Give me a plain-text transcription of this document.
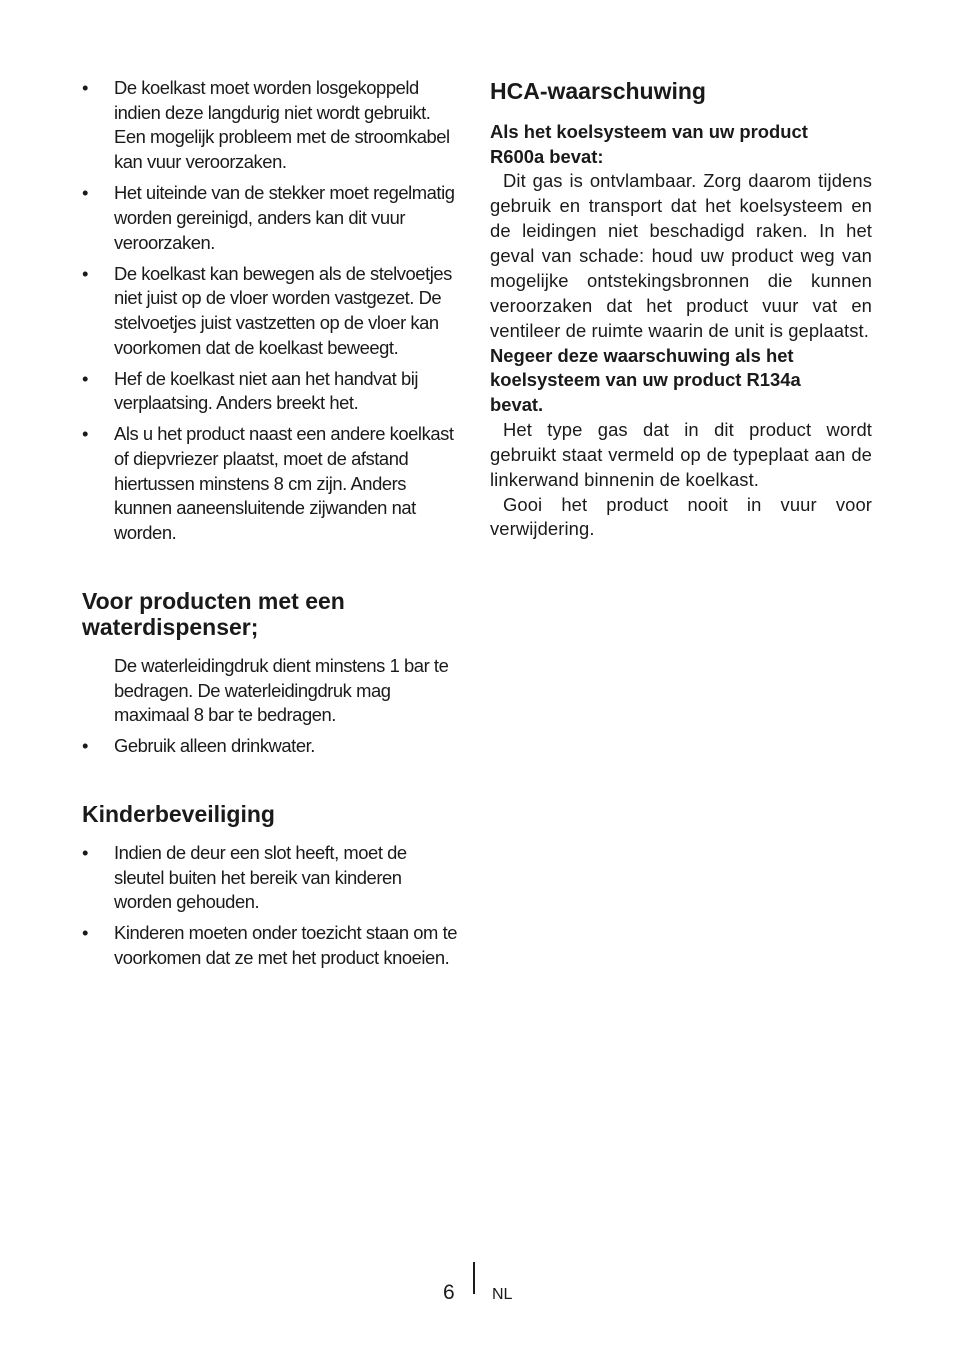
• De koelkast moet worden losgekoppeld indien deze langdurig niet wordt gebruikt. Een mogelijk probleem met de stroomkabel kan vuur veroorzaken.
• Het uiteinde van de stekker moet regelmatig worden gereinigd, anders kan dit vuur veroorzaken.
• De koelkast kan bewegen als de stelvoetjes niet juist op de vloer worden vastgezet. De stelvoetjes juist vastzetten op de vloer kan voorkomen dat de koelkast beweegt.
• Hef de koelkast niet aan het handvat bij verplaatsing. Anders breekt het.
• Als u het product naast een andere koelkast of diepvriezer plaatst, moet de afstand hiertussen minstens 8 cm zijn. Anders kunnen aaneensluitende zijwanden nat worden.
Voor producten met een
waterdispenser;

De waterleidingdruk dient minstens 1 bar te bedragen. De waterleidingdruk mag maximaal 8 bar te bedragen.

• Gebruik alleen drinkwater.
Kinderbeveiliging
• Indien de deur een slot heeft, moet de sleutel buiten het bereik van kinderen worden gehouden.
• Kinderen moeten onder toezicht staan om te voorkomen dat ze met het product knoeien.
HCA-waarschuwing

Als het koelsysteem van uw product
R600a bevat:

Dit gas is ontvlambaar. Zorg daarom tijdens gebruik en transport dat het koelsysteem en de leidingen niet beschadigd raken. In het geval van schade: houd uw product weg van mogelijke ontstekingsbronnen die kunnen veroorzaken dat het product vuur vat en ventileer de ruimte waarin de unit is geplaatst.

Negeer deze waarschuwing als het
koelsysteem van uw product R134a
bevat.

Het type gas dat in dit product wordt gebruikt staat vermeld op de typeplaat aan de linkerwand binnenin de koelkast.

Gooi het product nooit in vuur voor verwijdering.

6 NL
